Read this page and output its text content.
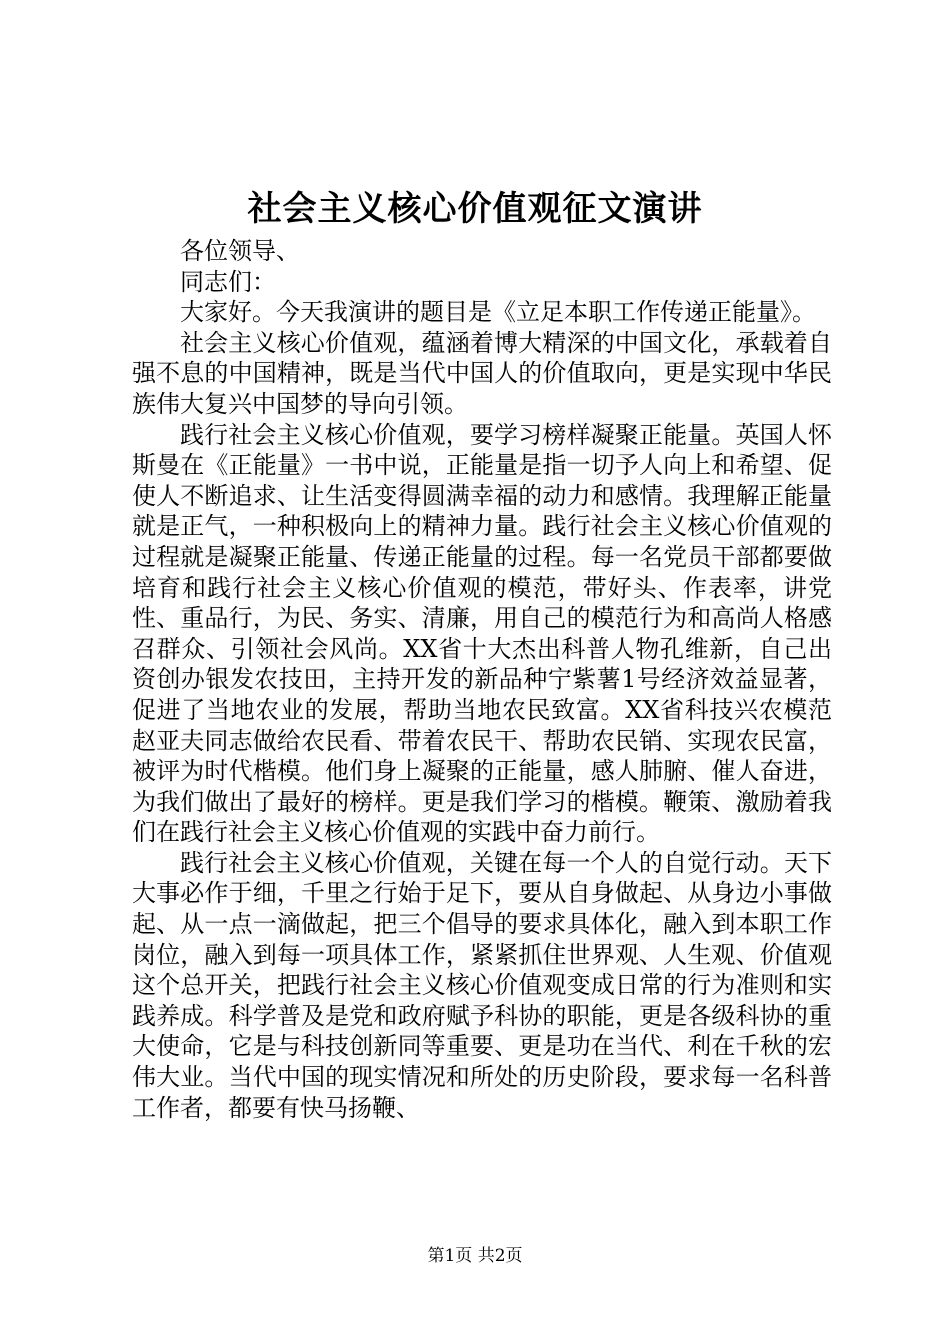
社会主义核心价值观征文演讲

各位领导、

同志们：

大家好。今天我演讲的题目是《立足本职工作传递正能量》。

社会主义核心价值观，蕴涵着博大精深的中国文化，承载着自强不息的中国精神，既是当代中国人的价值取向，更是实现中华民族伟大复兴中国梦的导向引领。

践行社会主义核心价值观，要学习榜样凝聚正能量。英国人怀斯曼在《正能量》一书中说，正能量是指一切予人向上和希望、促使人不断追求、让生活变得圆满幸福的动力和感情。我理解正能量就是正气，一种积极向上的精神力量。践行社会主义核心价值观的过程就是凝聚正能量、传递正能量的过程。每一名党员干部都要做培育和践行社会主义核心价值观的模范，带好头、作表率，讲党性、重品行，为民、务实、清廉，用自己的模范行为和高尚人格感召群众、引领社会风尚。XX省十大杰出科普人物孔维新，自己出资创办银发农技田，主持开发的新品种宁紫薯1号经济效益显著，促进了当地农业的发展，帮助当地农民致富。XX省科技兴农模范赵亚夫同志做给农民看、带着农民干、帮助农民销、实现农民富，被评为时代楷模。他们身上凝聚的正能量，感人肺腑、催人奋进，为我们做出了最好的榜样。更是我们学习的楷模。鞭策、激励着我们在践行社会主义核心价值观的实践中奋力前行。

践行社会主义核心价值观，关键在每一个人的自觉行动。天下大事必作于细，千里之行始于足下，要从自身做起、从身边小事做起、从一点一滴做起，把三个倡导的要求具体化，融入到本职工作岗位，融入到每一项具体工作，紧紧抓住世界观、人生观、价值观这个总开关，把践行社会主义核心价值观变成日常的行为准则和实践养成。科学普及是党和政府赋予科协的职能，更是各级科协的重大使命，它是与科技创新同等重要、更是功在当代、利在千秋的宏伟大业。当代中国的现实情况和所处的历史阶段，要求每一名科普工作者，都要有快马扬鞭、

第1页 共2页
